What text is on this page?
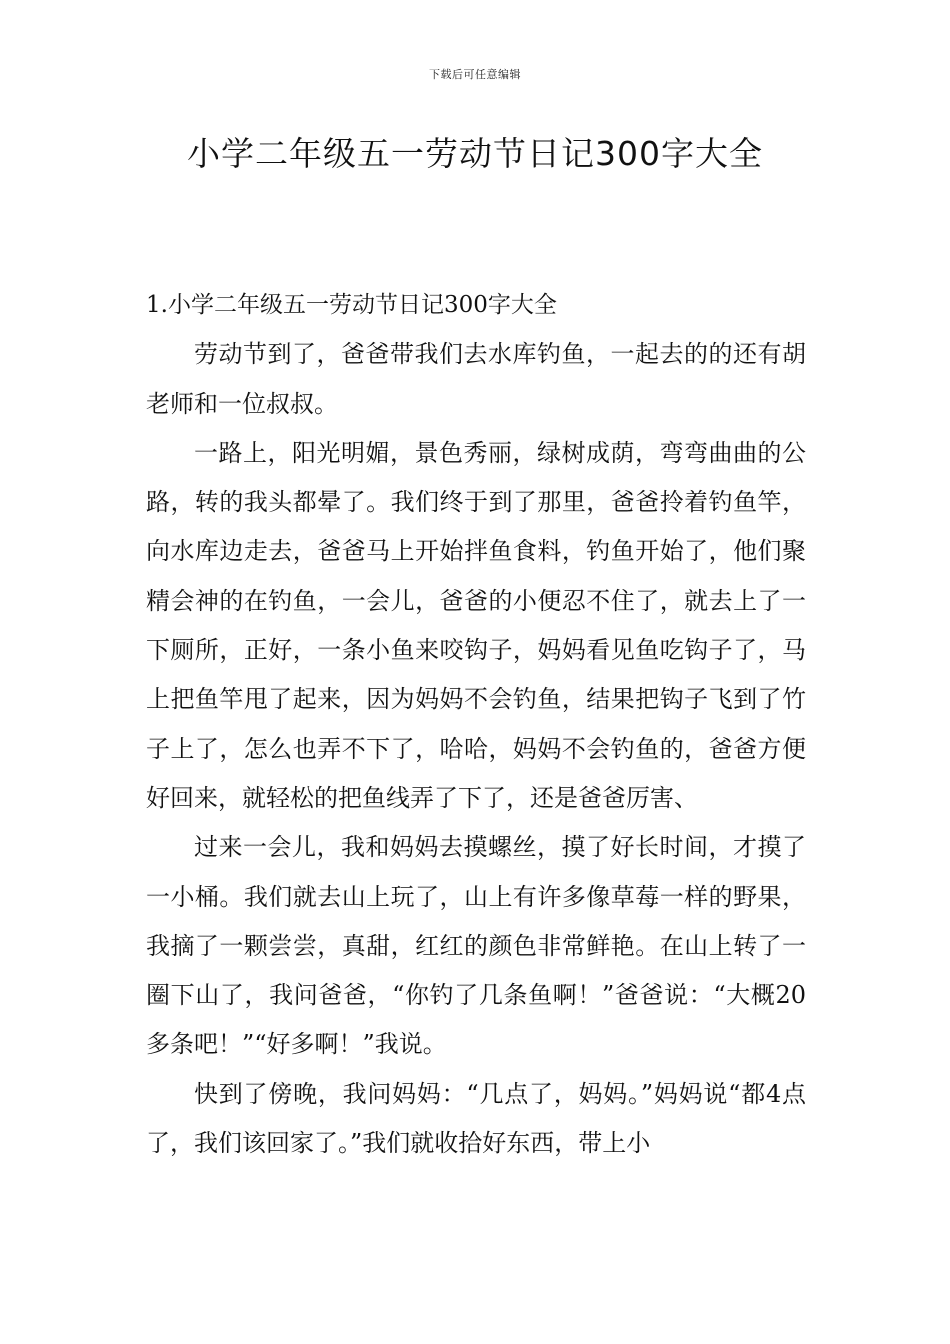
下载后可任意编辑
小学二年级五一劳动节日记300字大全

1.小学二年级五一劳动节日记300字大全

劳动节到了，爸爸带我们去水库钓鱼，一起去的的还有胡老师和一位叔叔。

一路上，阳光明媚，景色秀丽，绿树成荫，弯弯曲曲的公路，转的我头都晕了。我们终于到了那里，爸爸拎着钓鱼竿，向水库边走去，爸爸马上开始拌鱼食料，钓鱼开始了，他们聚精会神的在钓鱼，一会儿，爸爸的小便忍不住了，就去上了一下厕所，正好，一条小鱼来咬钩子，妈妈看见鱼吃钩子了，马上把鱼竿甩了起来，因为妈妈不会钓鱼，结果把钩子飞到了竹子上了，怎么也弄不下了，哈哈，妈妈不会钓鱼的，爸爸方便好回来，就轻松的把鱼线弄了下了，还是爸爸厉害、

过来一会儿，我和妈妈去摸螺丝，摸了好长时间，才摸了一小桶。我们就去山上玩了，山上有许多像草莓一样的野果，我摘了一颗尝尝，真甜，红红的颜色非常鲜艳。在山上转了一圈下山了，我问爸爸，“你钓了几条鱼啊！”爸爸说：“大概20多条吧！”“好多啊！”我说。

快到了傍晚，我问妈妈：“几点了，妈妈。”妈妈说“都4点了，我们该回家了。”我们就收拾好东西，带上小
